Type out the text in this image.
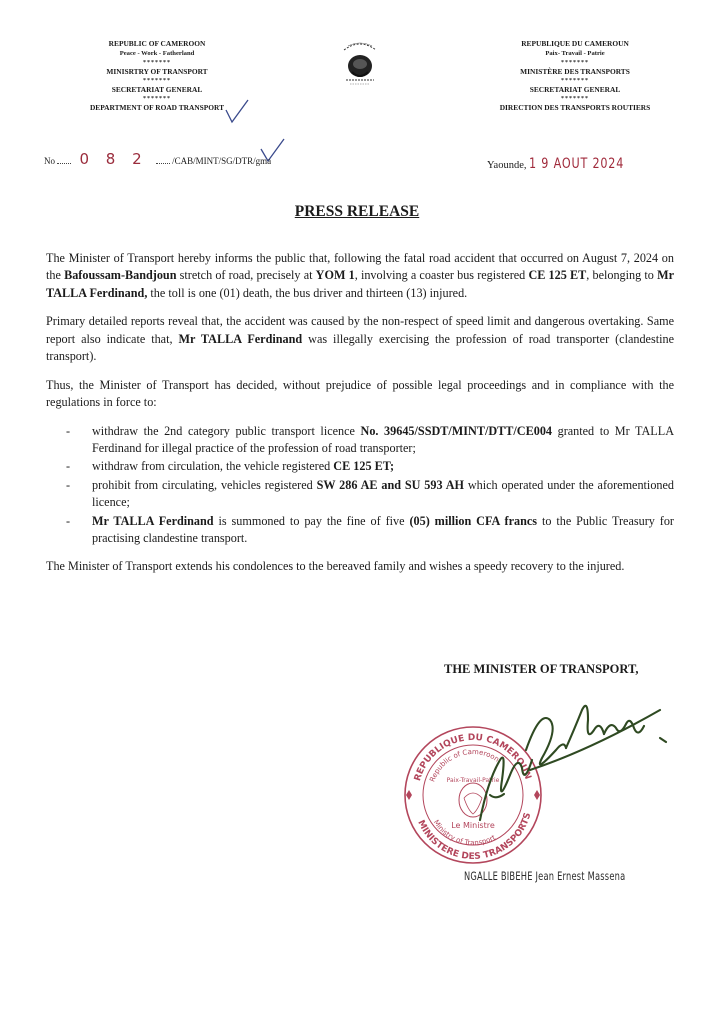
REPUBLIC OF CAMEROON
Peace - Work - Fatherland
*******
MINISRTRY OF TRANSPORT
*******
SECRETARIAT GENERAL
*******
DEPARTMENT OF ROAD TRANSPORT
REPUBLIQUE DU CAMEROUN
Paix- Travail - Patrie
*******
MINISTÈRE DES TRANSPORTS
*******
SECRETARIAT GENERAL
*******
DIRECTION DES TRANSPORTS ROUTIERS
No 0 8 2	/CAB/MINT/SG/DTR/gma	Yaounde, 1 9 AOUT 2024
PRESS RELEASE

The Minister of Transport hereby informs the public that, following the fatal road accident that occurred on August 7, 2024 on the Bafoussam-Bandjoun stretch of road, precisely at YOM 1, involving a coaster bus registered CE 125 ET, belonging to Mr TALLA Ferdinand, the toll is one (01) death, the bus driver and thirteen (13) injured.

Primary detailed reports reveal that, the accident was caused by the non-respect of speed limit and dangerous overtaking. Same report also indicate that, Mr TALLA Ferdinand was illegally exercising the profession of road transporter (clandestine transport).

Thus, the Minister of Transport has decided, without prejudice of possible legal proceedings and in compliance with the regulations in force to:

- withdraw the 2nd category public transport licence No. 39645/SSDT/MINT/DTT/CE004 granted to Mr TALLA Ferdinand for illegal practice of the profession of road transporter;
- withdraw from circulation, the vehicle registered CE 125 ET;
- prohibit from circulating, vehicles registered SW 286 AE and SU 593 AH which operated under the aforementioned licence;
- Mr TALLA Ferdinand is summoned to pay the fine of five (05) million CFA francs to the Public Treasury for practising clandestine transport.

The Minister of Transport extends his condolences to the bereaved family and wishes a speedy recovery to the injured.

THE MINISTER OF TRANSPORT,
REPUBLIQUE DU CAMEROUN
Republic of Cameroon
MINISTERE DES TRANSPORTS
Ministry of Transport
Paix-Travail-Patrie
Le Ministre
NGALLE BIBEHE Jean Ernest Massena
